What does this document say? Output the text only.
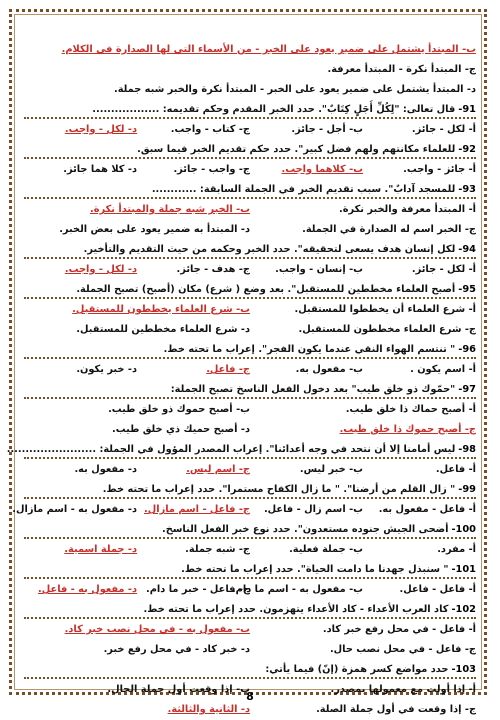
ب- المبتدأ يشتمل على ضمير يعود على الخبر - من الأسماء التي لها الصدارة في الكلام.
ج- المبتدأ نكرة - المبتدأ معرفة.
د- المبتدأ يشتمل على ضمير يعود على الخبر - المبتدأ نكرة والخبر شبه جملة.
91-قال تعالى: "لِكُلِّ أَجَلٍ كِتَابٌ". حدد الخبر المقدم وحكم تقديمه: ..................
أ- لكل - جائز.
ب- أجل - جائز.
ج- كتاب - واجب.
د- لكل - واجب.
92-للعلماء مكانتهم ولهم فضل كبير". حدد حكم تقديم الخبر فيما سبق.
أ- جائز - واجب.
ب- كلاهما واجب.
ج- واجب - جائز.
د- كلا هما جائز.
93-للمسجد آدابٌ". سبب تقديم الخبر في الجملة السابقة: ............
أ- المبتدأ معرفة والخبر نكرة.
ب- الخبر شبه جملة والمبتدأ نكرة.
ج- الخبر اسم له الصدارة في الجملة.
د- المبتدأ به ضمير يعود على بعض الخبر.
94-لكل إنسان هدف يسعى لتحقيقه". حدد الخبر وحكمه من حيث التقديم والتأخير.
أ- لكل - جائز.
ب- إنسان - واجب.
ج- هدف - جائز.
د- لكل - واجب.
95-أصبح العلماء مخططين للمستقبل". بعد وضع ( شرع) مكان (أصبح) تصبح الجملة.
أ- شرع العلماء أن يخططوا للمستقبل.
ب- شرع العلماء يخططون للمستقبل.
ج- شرع العلماء مخططون للمستقبل.
د- شرع العلماء مخططين للمستقبل.
96-" تنتسم الهواء النقي عندما يكون الفجر". إعراب ما تحته خط.
أ- اسم يكون .
ب- مفعول به.
ج- فاعل.
د- خبر يكون.
97-"حمّوك ذو خلق طيب" بعد دخول الفعل الناسخ تصبح الجملة:
أ- أصبح حماك ذا خلق طيب.
ب- أصبح حموك ذو خلق طيب.
ج- أصبح حموك ذا خلق طيب.
د- أصبح حميك ذي خلق طيب.
98-ليس أمامنا إلا أن نتحد في وجه أعدائنا". إعراب المصدر المؤول في الجملة: ........................
أ- فاعل.
ب- خبر ليس.
ج- اسم ليس.
د- مفعول به.
99-" زال القلم من أرضنا". " ما زال الكفاح مستمرا". حدد إعراب ما تحته خط.
أ- فاعل - مفعول به.
ب- اسم زال - فاعل.
ج- فاعل - اسم مازال.
د- مفعول به - اسم مازال.
100-أضحى الجيش جنوده مستعدون". حدد نوع خبر الفعل الناسخ.
أ- مفرد.
ب- جملة فعلية.
ج- شبه جملة.
د- جملة اسمية.
101-" سنبذل جهدنا ما دامت الحياة". حدد إعراب ما تحته خط.
أ- فاعل - فاعل.
ب- مفعول به - اسم ما دام.
ج- فاعل - خبر ما دام.
د- مفعول به - فاعل.
102-كاد العرب الأعداء - كاد الأعداء يتهزمون. حدد إعراب ما تحته خط.
أ- فاعل - في محل رفع خبر كاد.
ب- مفعول به - في محل نصب خبر كاد.
ج- فاعل - في محل نصب حال.
د- خبر كاد - في محل رفع خبر.
103-حدد مواضع كسر همزة (إنّ) فيما يأتي:
أ- إذا أولت مع معمولها بمصدر.
ب- إذا وقعت أول جملة الحال.
ج- إذا وقعت في أول جملة الصلة.
د- الثانية والثالثة.
8
